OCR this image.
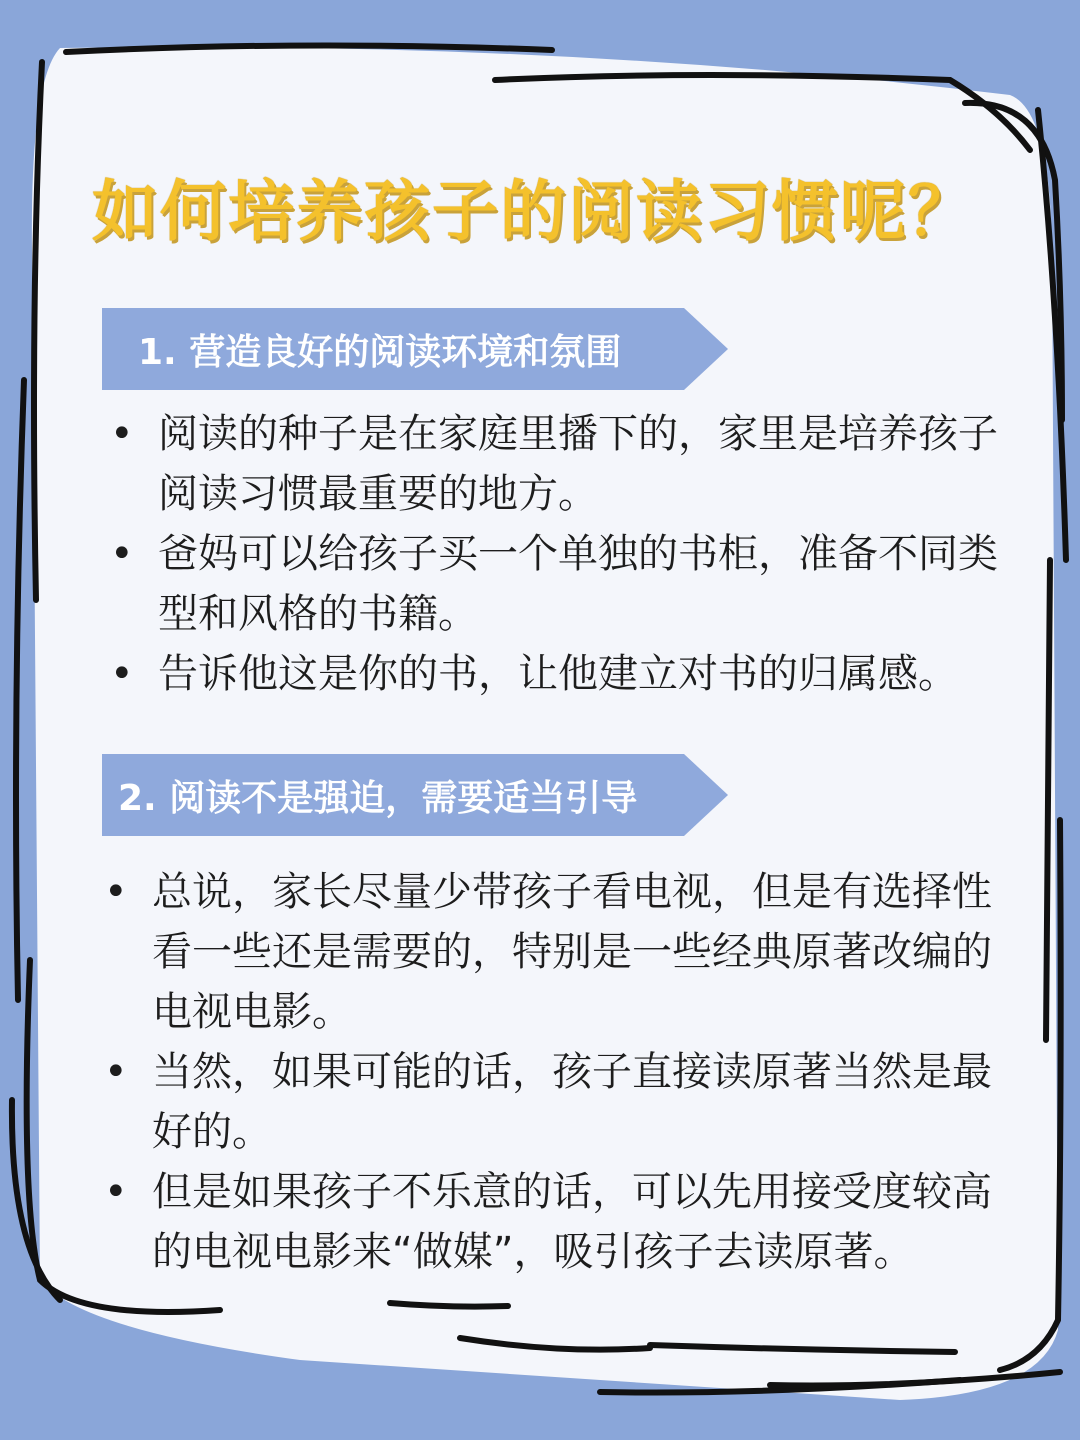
如何培养孩子的阅读习惯呢？
1. 营造良好的阅读环境和氛围
• 阅读的种子是在家庭里播下的，家里是培养孩子阅读习惯最重要的地方。
• 爸妈可以给孩子买一个单独的书柜，准备不同类型和风格的书籍。
• 告诉他这是你的书，让他建立对书的归属感。
2. 阅读不是强迫，需要适当引导
• 总说，家长尽量少带孩子看电视，但是有选择性看一些还是需要的，特别是一些经典原著改编的电视电影。
• 当然，如果可能的话，孩子直接读原著当然是最好的。
• 但是如果孩子不乐意的话，可以先用接受度较高的电视电影来“做媒”，吸引孩子去读原著。
